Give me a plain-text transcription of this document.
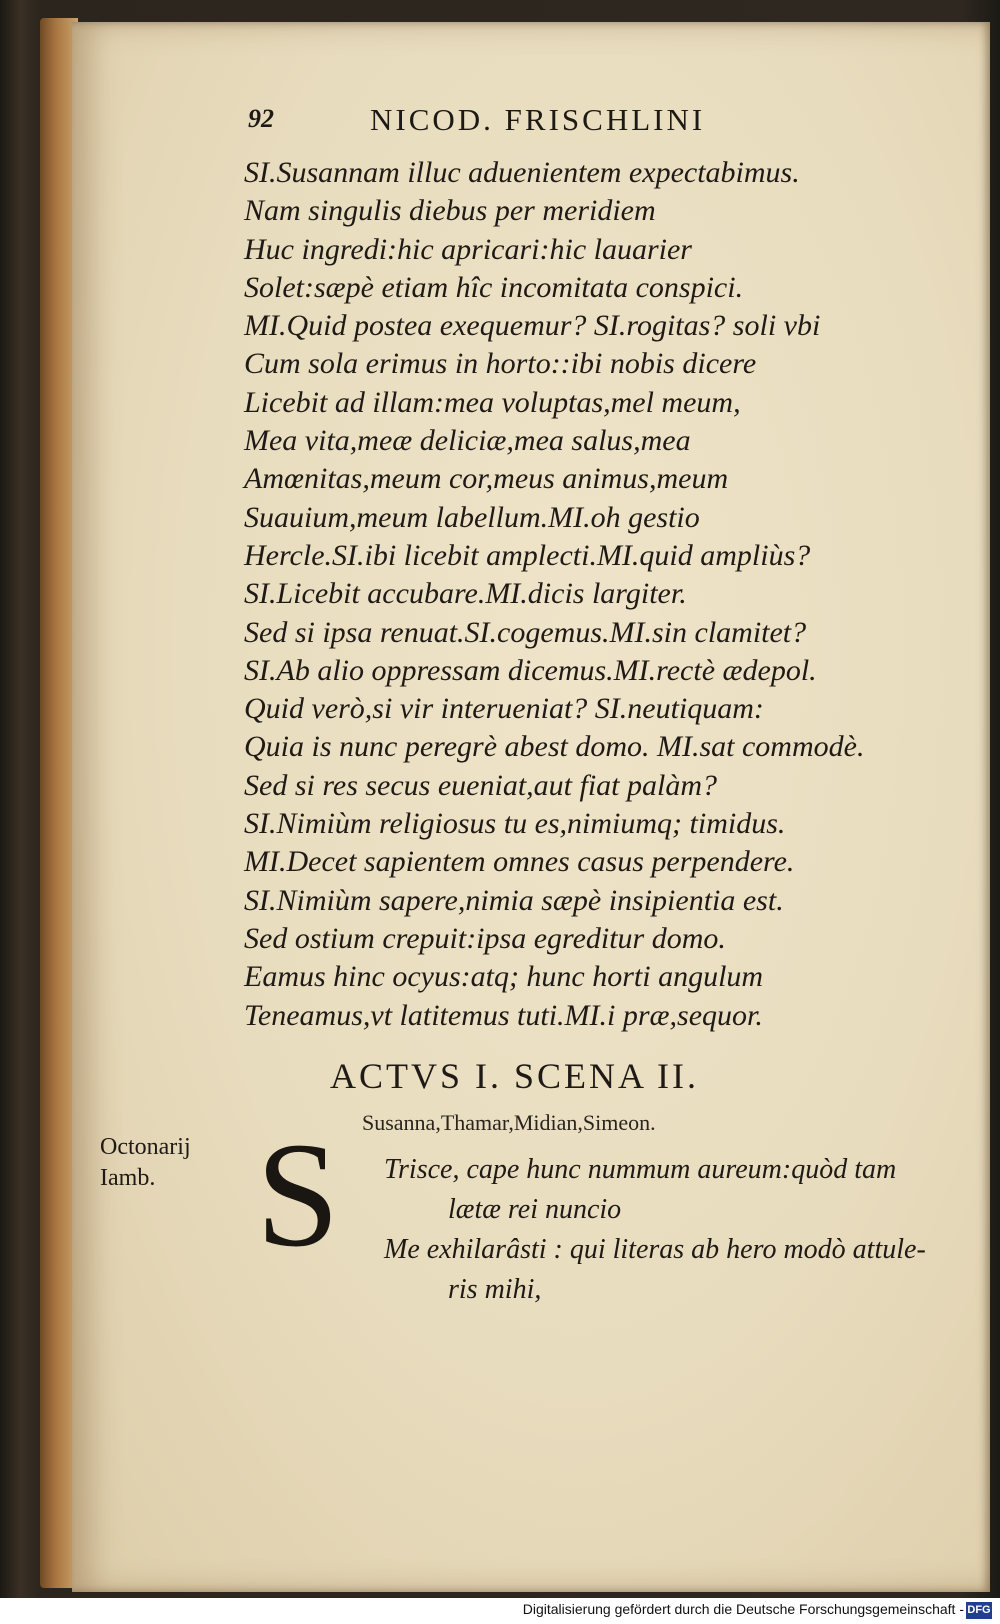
92	NICOD. FRISCHLINI
SI.Susannam illuc aduenientem expectabimus.
Nam singulis diebus per meridiem
Huc ingredi:hic apricari:hic lauarier
Solet:sæpè etiam hîc incomitata conspici.
MI.Quid postea exequemur? SI.rogitas? soli vbi
Cum sola erimus in horto::ibi nobis dicere
Licebit ad illam:mea voluptas,mel meum,
Mea vita,meæ deliciæ,mea salus,mea
Amœnitas,meum cor,meus animus,meum
Suauium,meum labellum.MI.oh gestio
Hercle.SI.ibi licebit amplecti.MI.quid ampliùs?
SI.Licebit accubare.MI.dicis largiter.
Sed si ipsa renuat.SI.cogemus.MI.sin clamitet?
SI.Ab alio oppressam dicemus.MI.rectè ædepol.
Quid verò,si vir interueniat? SI.neutiquam:
Quia is nunc peregrè abest domo. MI.sat commodè.
Sed si res secus eueniat,aut fiat palàm?
SI.Nimiùm religiosus tu es,nimiumq; timidus.
MI.Decet sapientem omnes casus perpendere.
SI.Nimiùm sapere,nimia sæpè insipientia est.
Sed ostium crepuit:ipsa egreditur domo.
Eamus hinc ocyus:atq; hunc horti angulum
Teneamus,vt latitemus tuti.MI.i præ,sequor.
ACTVS I. SCENA II.
Susanna,Thamar,Midian,Simeon.
Octonarij
Iamb. S	Trisce, cape hunc nummum aureum:quòd tam
lætæ rei nuncio
Me exhilarâsti : qui literas ab hero modò attule-
ris mihi,
Digitalisierung gefördert durch die Deutsche Forschungsgemeinschaft - DFG
